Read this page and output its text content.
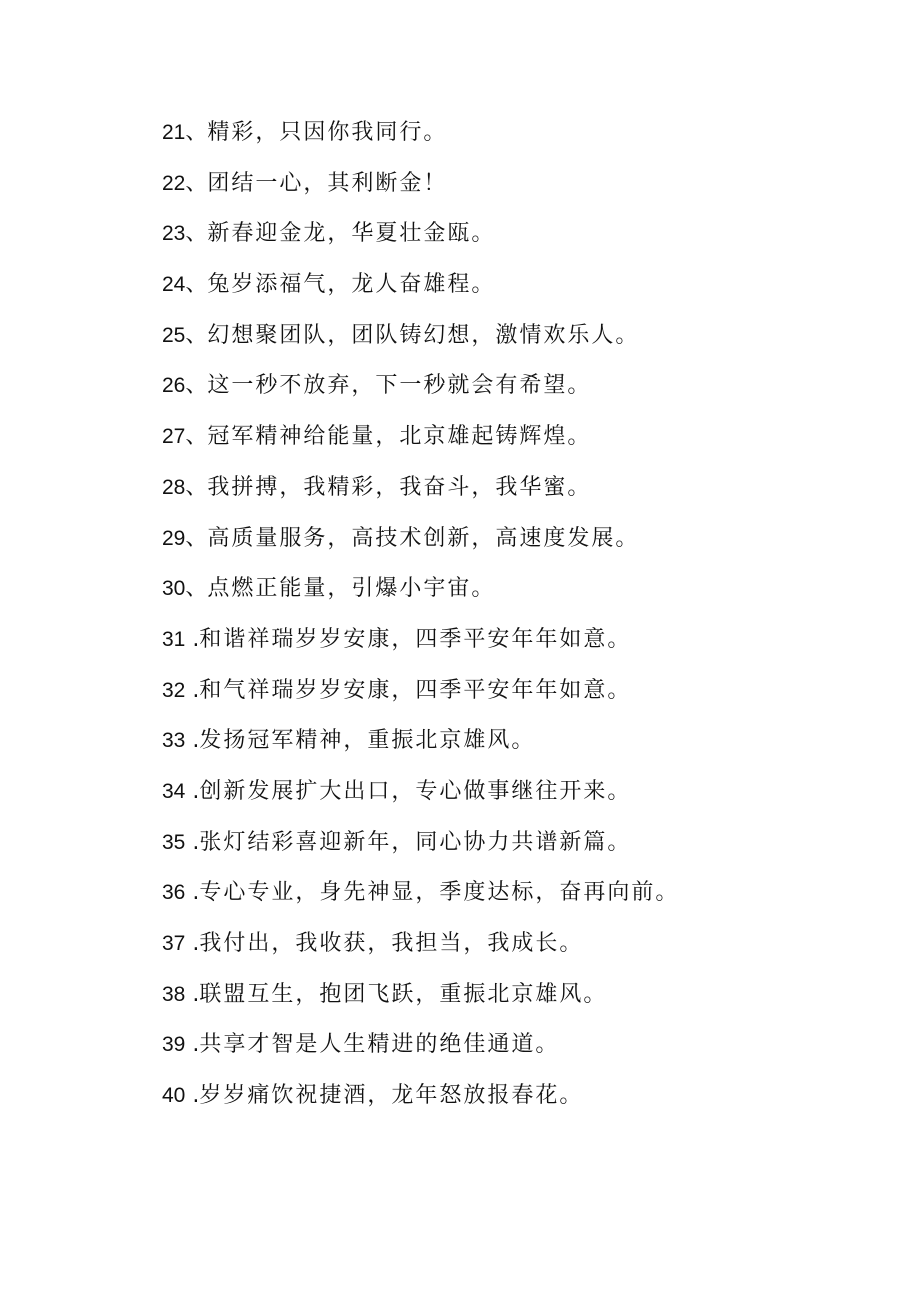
21、精彩，只因你我同行。
22、团结一心，其利断金！
23、新春迎金龙，华夏壮金瓯。
24、兔岁添福气，龙人奋雄程。
25、幻想聚团队，团队铸幻想，激情欢乐人。
26、这一秒不放弃，下一秒就会有希望。
27、冠军精神给能量，北京雄起铸辉煌。
28、我拼搏，我精彩，我奋斗，我华蜜。
29、高质量服务，高技术创新，高速度发展。
30、点燃正能量，引爆小宇宙。
31 .和谐祥瑞岁岁安康，四季平安年年如意。
32 .和气祥瑞岁岁安康，四季平安年年如意。
33 .发扬冠军精神，重振北京雄风。
34 .创新发展扩大出口，专心做事继往开来。
35 .张灯结彩喜迎新年，同心协力共谱新篇。
36 .专心专业，身先神显，季度达标，奋再向前。
37 .我付出，我收获，我担当，我成长。
38 .联盟互生，抱团飞跃，重振北京雄风。
39 .共享才智是人生精进的绝佳通道。
40 .岁岁痛饮祝捷酒，龙年怒放报春花。
